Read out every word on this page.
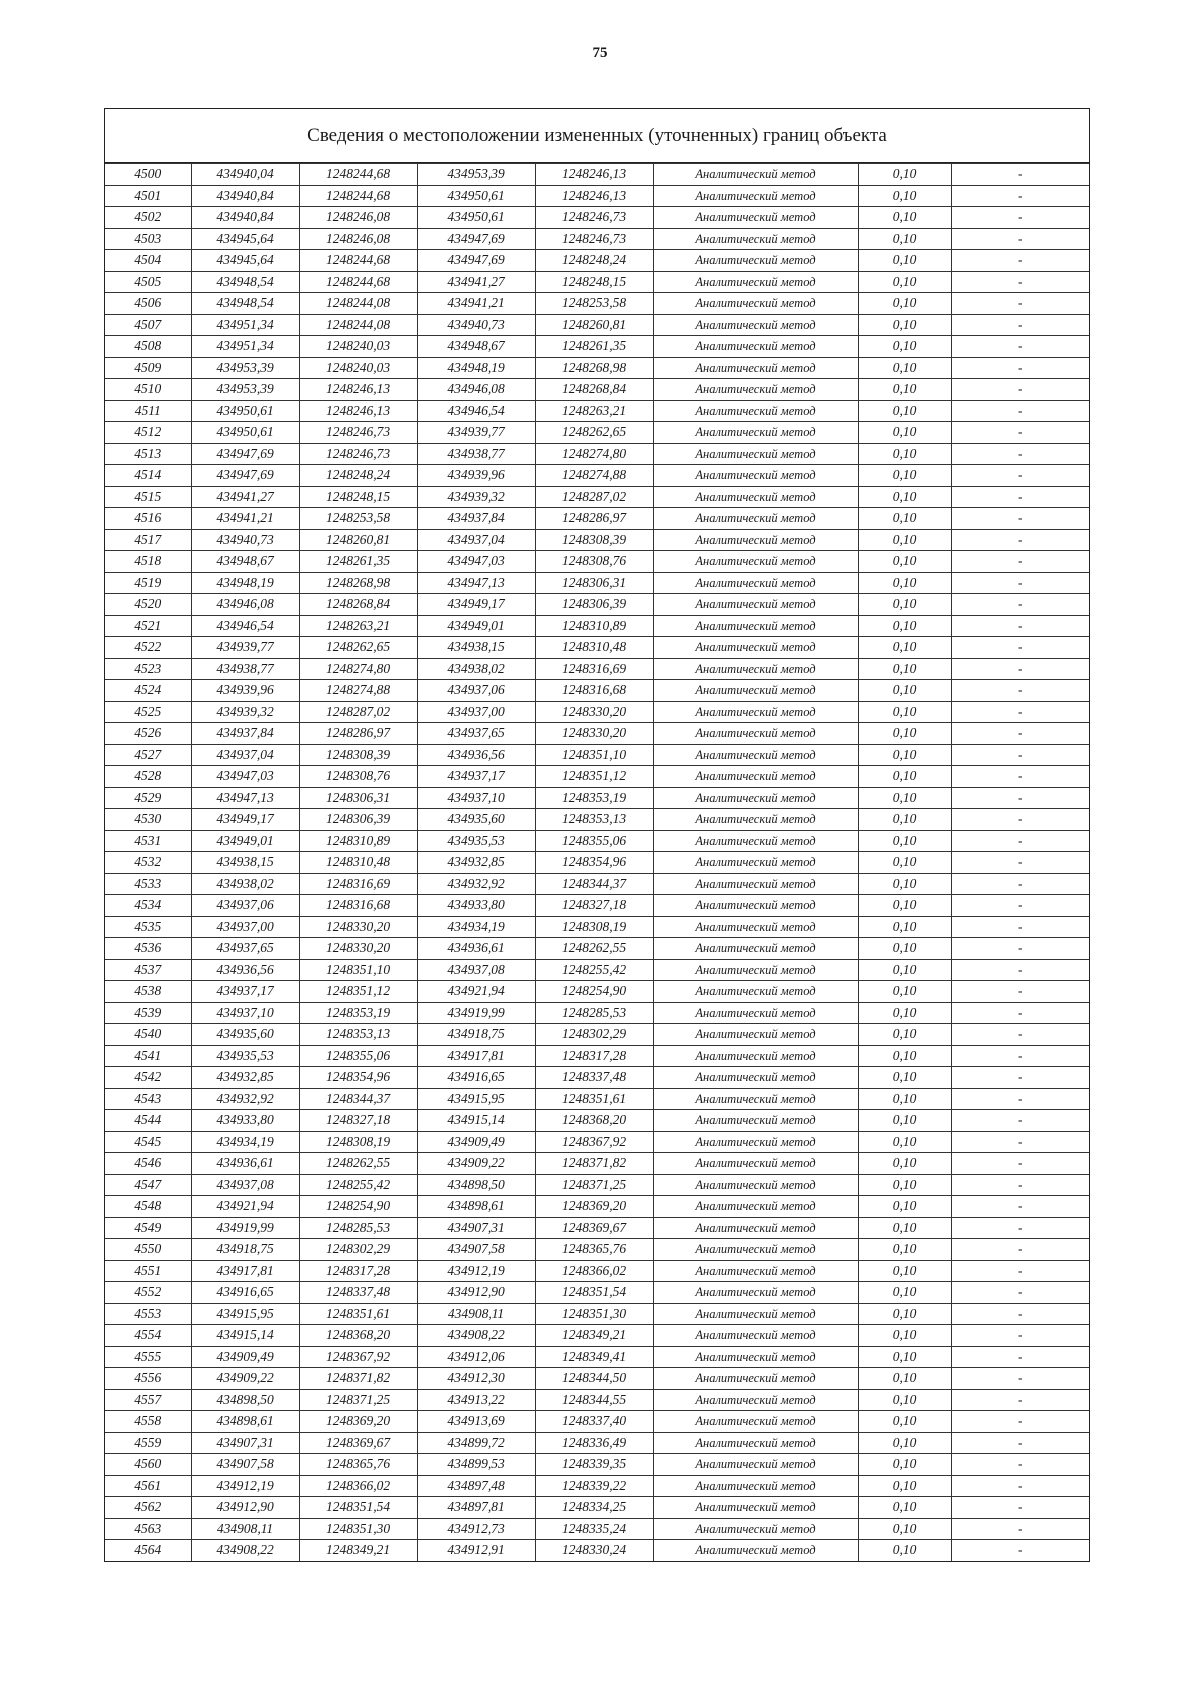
75
Сведения о местоположении измененных (уточненных) границ объекта
4500	434940,04	1248244,68	434953,39	1248246,13	Аналитический метод	0,10	-
4501	434940,84	1248244,68	434950,61	1248246,13	Аналитический метод	0,10	-
4502	434940,84	1248246,08	434950,61	1248246,73	Аналитический метод	0,10	-
4503	434945,64	1248246,08	434947,69	1248246,73	Аналитический метод	0,10	-
4504	434945,64	1248244,68	434947,69	1248248,24	Аналитический метод	0,10	-
4505	434948,54	1248244,68	434941,27	1248248,15	Аналитический метод	0,10	-
4506	434948,54	1248244,08	434941,21	1248253,58	Аналитический метод	0,10	-
4507	434951,34	1248244,08	434940,73	1248260,81	Аналитический метод	0,10	-
4508	434951,34	1248240,03	434948,67	1248261,35	Аналитический метод	0,10	-
4509	434953,39	1248240,03	434948,19	1248268,98	Аналитический метод	0,10	-
4510	434953,39	1248246,13	434946,08	1248268,84	Аналитический метод	0,10	-
4511	434950,61	1248246,13	434946,54	1248263,21	Аналитический метод	0,10	-
4512	434950,61	1248246,73	434939,77	1248262,65	Аналитический метод	0,10	-
4513	434947,69	1248246,73	434938,77	1248274,80	Аналитический метод	0,10	-
4514	434947,69	1248248,24	434939,96	1248274,88	Аналитический метод	0,10	-
4515	434941,27	1248248,15	434939,32	1248287,02	Аналитический метод	0,10	-
4516	434941,21	1248253,58	434937,84	1248286,97	Аналитический метод	0,10	-
4517	434940,73	1248260,81	434937,04	1248308,39	Аналитический метод	0,10	-
4518	434948,67	1248261,35	434947,03	1248308,76	Аналитический метод	0,10	-
4519	434948,19	1248268,98	434947,13	1248306,31	Аналитический метод	0,10	-
4520	434946,08	1248268,84	434949,17	1248306,39	Аналитический метод	0,10	-
4521	434946,54	1248263,21	434949,01	1248310,89	Аналитический метод	0,10	-
4522	434939,77	1248262,65	434938,15	1248310,48	Аналитический метод	0,10	-
4523	434938,77	1248274,80	434938,02	1248316,69	Аналитический метод	0,10	-
4524	434939,96	1248274,88	434937,06	1248316,68	Аналитический метод	0,10	-
4525	434939,32	1248287,02	434937,00	1248330,20	Аналитический метод	0,10	-
4526	434937,84	1248286,97	434937,65	1248330,20	Аналитический метод	0,10	-
4527	434937,04	1248308,39	434936,56	1248351,10	Аналитический метод	0,10	-
4528	434947,03	1248308,76	434937,17	1248351,12	Аналитический метод	0,10	-
4529	434947,13	1248306,31	434937,10	1248353,19	Аналитический метод	0,10	-
4530	434949,17	1248306,39	434935,60	1248353,13	Аналитический метод	0,10	-
4531	434949,01	1248310,89	434935,53	1248355,06	Аналитический метод	0,10	-
4532	434938,15	1248310,48	434932,85	1248354,96	Аналитический метод	0,10	-
4533	434938,02	1248316,69	434932,92	1248344,37	Аналитический метод	0,10	-
4534	434937,06	1248316,68	434933,80	1248327,18	Аналитический метод	0,10	-
4535	434937,00	1248330,20	434934,19	1248308,19	Аналитический метод	0,10	-
4536	434937,65	1248330,20	434936,61	1248262,55	Аналитический метод	0,10	-
4537	434936,56	1248351,10	434937,08	1248255,42	Аналитический метод	0,10	-
4538	434937,17	1248351,12	434921,94	1248254,90	Аналитический метод	0,10	-
4539	434937,10	1248353,19	434919,99	1248285,53	Аналитический метод	0,10	-
4540	434935,60	1248353,13	434918,75	1248302,29	Аналитический метод	0,10	-
4541	434935,53	1248355,06	434917,81	1248317,28	Аналитический метод	0,10	-
4542	434932,85	1248354,96	434916,65	1248337,48	Аналитический метод	0,10	-
4543	434932,92	1248344,37	434915,95	1248351,61	Аналитический метод	0,10	-
4544	434933,80	1248327,18	434915,14	1248368,20	Аналитический метод	0,10	-
4545	434934,19	1248308,19	434909,49	1248367,92	Аналитический метод	0,10	-
4546	434936,61	1248262,55	434909,22	1248371,82	Аналитический метод	0,10	-
4547	434937,08	1248255,42	434898,50	1248371,25	Аналитический метод	0,10	-
4548	434921,94	1248254,90	434898,61	1248369,20	Аналитический метод	0,10	-
4549	434919,99	1248285,53	434907,31	1248369,67	Аналитический метод	0,10	-
4550	434918,75	1248302,29	434907,58	1248365,76	Аналитический метод	0,10	-
4551	434917,81	1248317,28	434912,19	1248366,02	Аналитический метод	0,10	-
4552	434916,65	1248337,48	434912,90	1248351,54	Аналитический метод	0,10	-
4553	434915,95	1248351,61	434908,11	1248351,30	Аналитический метод	0,10	-
4554	434915,14	1248368,20	434908,22	1248349,21	Аналитический метод	0,10	-
4555	434909,49	1248367,92	434912,06	1248349,41	Аналитический метод	0,10	-
4556	434909,22	1248371,82	434912,30	1248344,50	Аналитический метод	0,10	-
4557	434898,50	1248371,25	434913,22	1248344,55	Аналитический метод	0,10	-
4558	434898,61	1248369,20	434913,69	1248337,40	Аналитический метод	0,10	-
4559	434907,31	1248369,67	434899,72	1248336,49	Аналитический метод	0,10	-
4560	434907,58	1248365,76	434899,53	1248339,35	Аналитический метод	0,10	-
4561	434912,19	1248366,02	434897,48	1248339,22	Аналитический метод	0,10	-
4562	434912,90	1248351,54	434897,81	1248334,25	Аналитический метод	0,10	-
4563	434908,11	1248351,30	434912,73	1248335,24	Аналитический метод	0,10	-
4564	434908,22	1248349,21	434912,91	1248330,24	Аналитический метод	0,10	-
